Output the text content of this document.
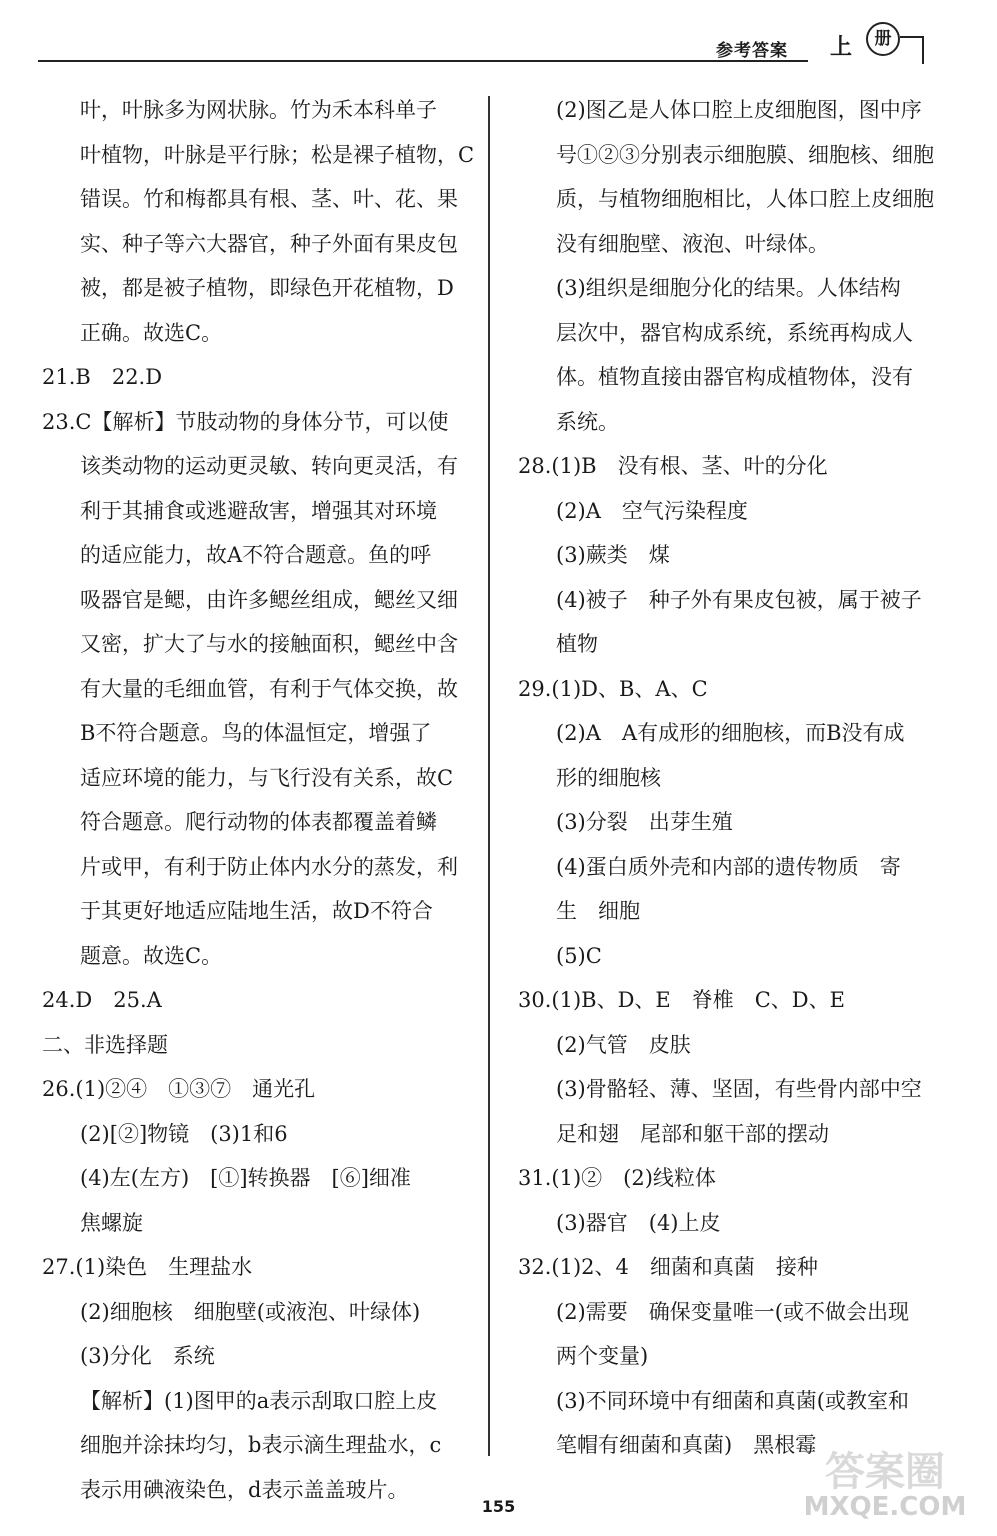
参考答案 上	册
叶，叶脉多为网状脉。竹为禾本科单子
叶植物，叶脉是平行脉；松是裸子植物，C
错误。竹和梅都具有根、茎、叶、花、果
实、种子等六大器官，种子外面有果皮包
被，都是被子植物，即绿色开花植物，D
正确。故选C。
21.B　22.D
23.C【解析】节肢动物的身体分节，可以使
该类动物的运动更灵敏、转向更灵活，有
利于其捕食或逃避敌害，增强其对环境
的适应能力，故A不符合题意。鱼的呼
吸器官是鳃，由许多鳃丝组成，鳃丝又细
又密，扩大了与水的接触面积，鳃丝中含
有大量的毛细血管，有利于气体交换，故
B不符合题意。鸟的体温恒定，增强了
适应环境的能力，与飞行没有关系，故C
符合题意。爬行动物的体表都覆盖着鳞
片或甲，有利于防止体内水分的蒸发，利
于其更好地适应陆地生活，故D不符合
题意。故选C。
24.D　25.A
二、非选择题
26.(1)②④　①③⑦　通光孔
(2)[②]物镜　(3)1和6
(4)左(左方)　[①]转换器　[⑥]细准
焦螺旋
27.(1)染色　生理盐水
(2)细胞核　细胞壁(或液泡、叶绿体)
(3)分化　系统
【解析】(1)图甲的a表示刮取口腔上皮
细胞并涂抹均匀，b表示滴生理盐水，c
表示用碘液染色，d表示盖盖玻片。
(2)图乙是人体口腔上皮细胞图，图中序
号①②③分别表示细胞膜、细胞核、细胞
质，与植物细胞相比，人体口腔上皮细胞
没有细胞壁、液泡、叶绿体。
(3)组织是细胞分化的结果。人体结构
层次中，器官构成系统，系统再构成人
体。植物直接由器官构成植物体，没有
系统。
28.(1)B　没有根、茎、叶的分化
(2)A　空气污染程度
(3)蕨类　煤
(4)被子　种子外有果皮包被，属于被子
植物
29.(1)D、B、A、C
(2)A　A有成形的细胞核，而B没有成
形的细胞核
(3)分裂　出芽生殖
(4)蛋白质外壳和内部的遗传物质　寄
生　细胞
(5)C
30.(1)B、D、E　脊椎　C、D、E
(2)气管　皮肤
(3)骨骼轻、薄、坚固，有些骨内部中空
足和翅　尾部和躯干部的摆动
31.(1)②　(2)线粒体
(3)器官　(4)上皮
32.(1)2、4　细菌和真菌　接种
(2)需要　确保变量唯一(或不做会出现
两个变量)
(3)不同环境中有细菌和真菌(或教室和
笔帽有细菌和真菌)　黑根霉
155
答案圈
MXQE.COM
